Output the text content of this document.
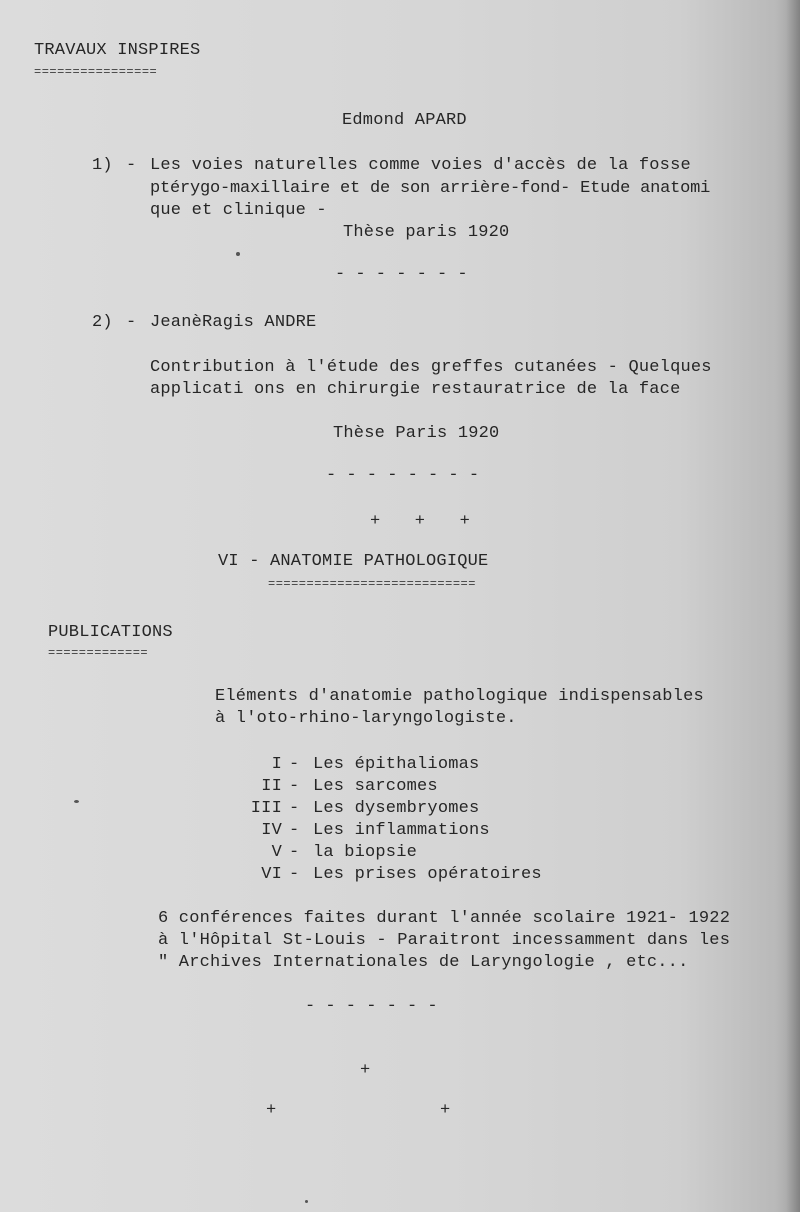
TRAVAUX INSPIRES
================
Edmond APARD
1) - Les voies naturelles comme voies d'accès de la fosse
ptérygo-maxillaire et de son arrière-fond- Etude anatomi
que et clinique -
Thèse paris 1920
- - - - - - -
2) - JeanèRagis ANDRE
Contribution à l'étude des greffes cutanées - Quelques
applicati ons en chirurgie restauratrice de la face
Thèse Paris 1920
- - - - - - - -
+   +   +
VI - ANATOMIE PATHOLOGIQUE
===========================
PUBLICATIONS
=============
Eléments d'anatomie pathologique indispensables
à l'oto-rhino-laryngologiste.
I - Les épithaliomas
II - Les sarcomes
III - Les dysembryomes
IV - Les inflammations
V - la biopsie
VI - Les prises opératoires
6 conférences faites durant l'année scolaire 1921- 1922
à l'Hôpital St-Louis - Paraitront incessamment dans les
" Archives Internationales de Laryngologie , etc...
- - - - - - -
+
+	+
